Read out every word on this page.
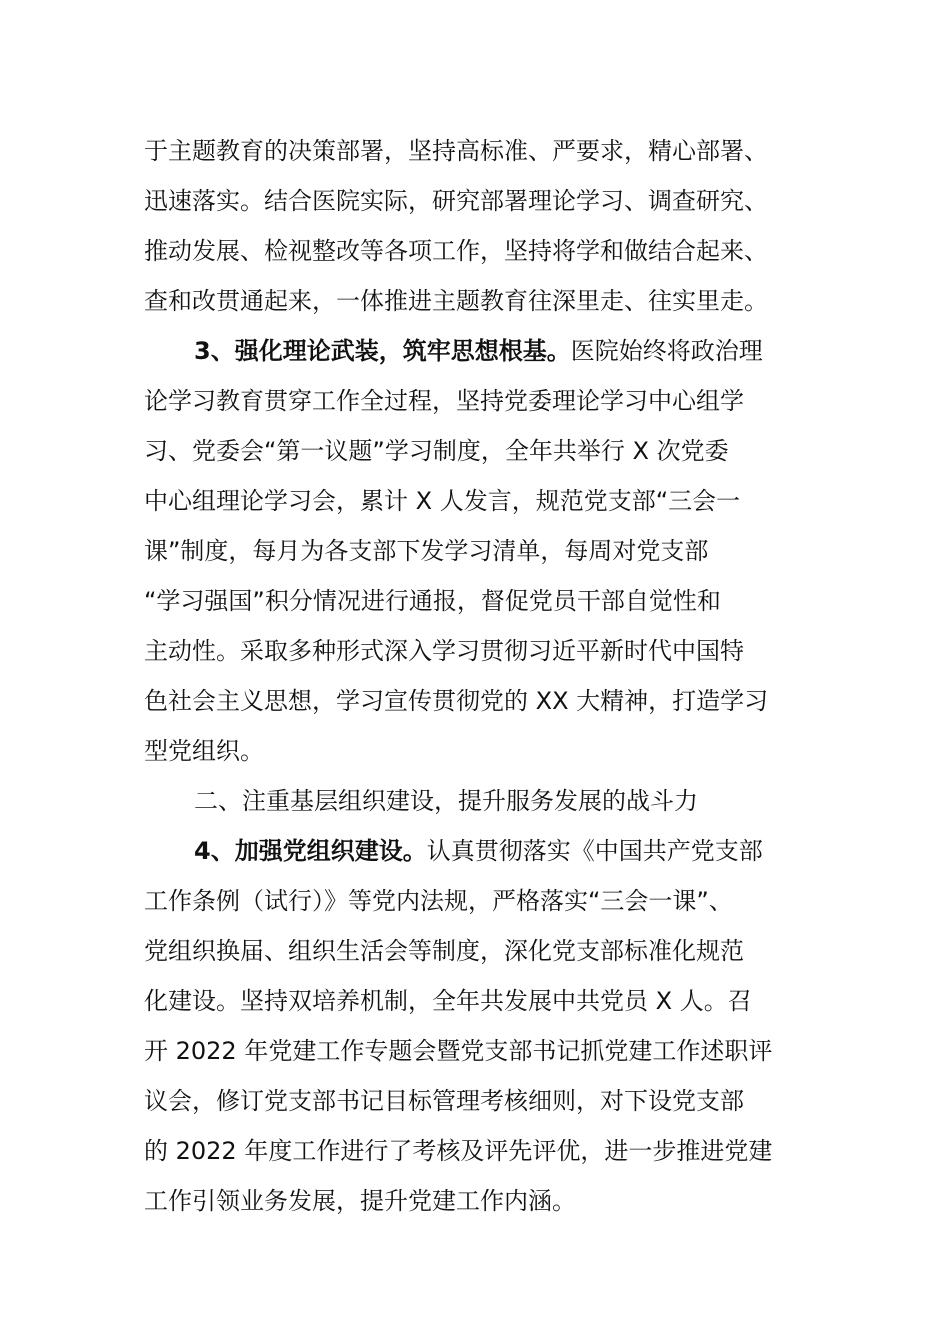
于主题教育的决策部署，坚持高标准、严要求，精心部署、
迅速落实。结合医院实际，研究部署理论学习、调查研究、
推动发展、检视整改等各项工作，坚持将学和做结合起来、
查和改贯通起来，一体推进主题教育往深里走、往实里走。
3、强化理论武装，筑牢思想根基。医院始终将政治理
论学习教育贯穿工作全过程，坚持党委理论学习中心组学
习、党委会“第一议题”学习制度，全年共举行 X 次党委
中心组理论学习会，累计 X 人发言，规范党支部“三会一
课”制度，每月为各支部下发学习清单，每周对党支部
“学习强国”积分情况进行通报，督促党员干部自觉性和
主动性。采取多种形式深入学习贯彻习近平新时代中国特
色社会主义思想，学习宣传贯彻党的 XX 大精神，打造学习
型党组织。
二、注重基层组织建设，提升服务发展的战斗力
4、加强党组织建设。认真贯彻落实《中国共产党支部
工作条例（试行）》等党内法规，严格落实“三会一课”、
党组织换届、组织生活会等制度，深化党支部标准化规范
化建设。坚持双培养机制，全年共发展中共党员 X 人。召
开 2022 年党建工作专题会暨党支部书记抓党建工作述职评
议会，修订党支部书记目标管理考核细则，对下设党支部
的 2022 年度工作进行了考核及评先评优，进一步推进党建
工作引领业务发展，提升党建工作内涵。
